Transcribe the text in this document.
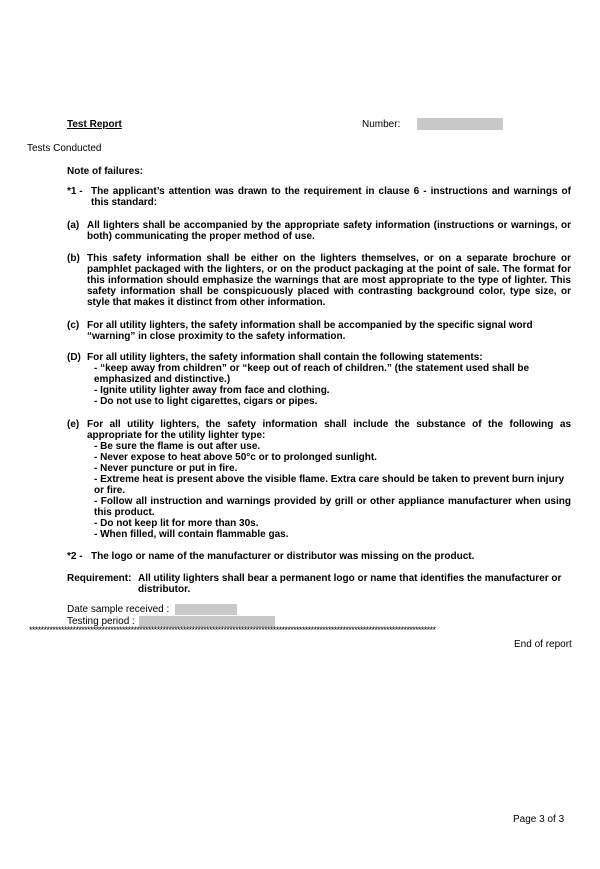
Test Report	Number:
Tests Conducted
Note of failures:
*1 - The applicant’s attention was drawn to the requirement in clause 6 - instructions and warnings of this standard:
(a) All lighters shall be accompanied by the appropriate safety information (instructions or warnings, or both) communicating the proper method of use.
(b) This safety information shall be either on the lighters themselves, or on a separate brochure or pamphlet packaged with the lighters, or on the product packaging at the point of sale. The format for this information should emphasize the warnings that are most appropriate to the type of lighter. This safety information shall be conspicuously placed with contrasting background color, type size, or style that makes it distinct from other information.
(c) For all utility lighters, the safety information shall be accompanied by the specific signal word “warning” in close proximity to the safety information.
(D) For all utility lighters, the safety information shall contain the following statements:
- “keep away from children” or “keep out of reach of children.” (the statement used shall be emphasized and distinctive.)
- Ignite utility lighter away from face and clothing.
- Do not use to light cigarettes, cigars or pipes.
(e) For all utility lighters, the safety information shall include the substance of the following as appropriate for the utility lighter type:
- Be sure the flame is out after use.
- Never expose to heat above 50°c or to prolonged sunlight.
- Never puncture or put in fire.
- Extreme heat is present above the visible flame. Extra care should be taken to prevent burn injury or fire.
- Follow all instruction and warnings provided by grill or other appliance manufacturer when using this product.
- Do not keep lit for more than 30s.
- When filled, will contain flammable gas.
*2 - The logo or name of the manufacturer or distributor was missing on the product.
Requirement: All utility lighters shall bear a permanent logo or name that identifies the manufacturer or distributor.
Date sample received :
Testing period :
********************************************************************************************************************************************
End of report
Page 3 of 3
